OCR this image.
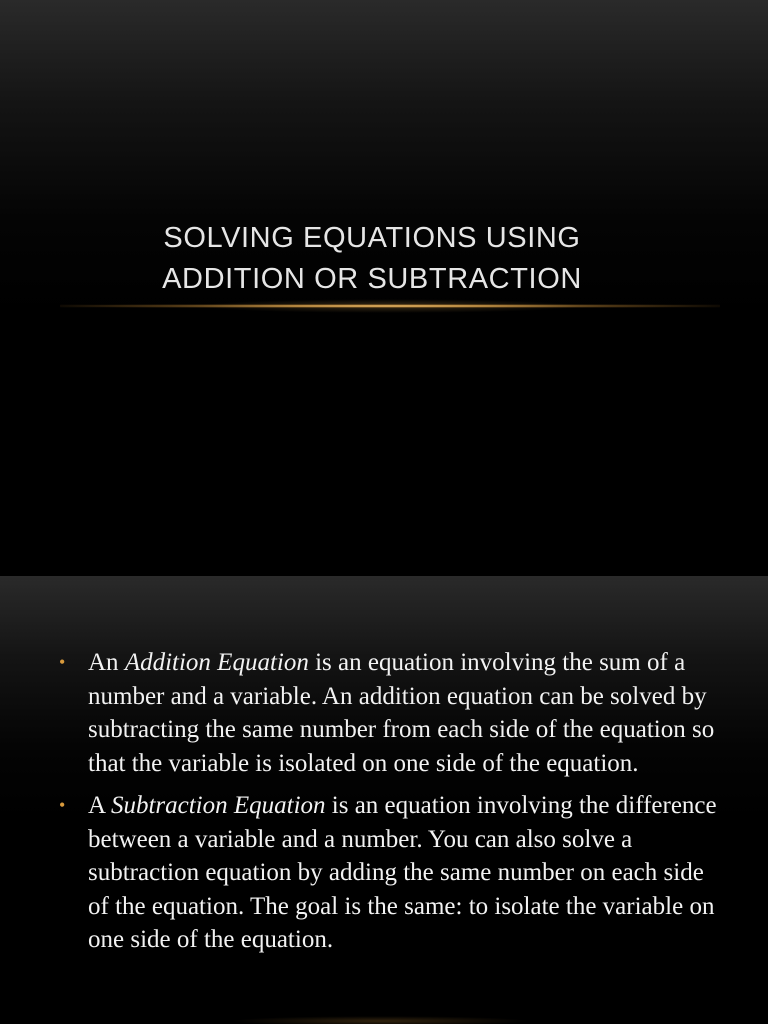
SOLVING EQUATIONS USING
ADDITION OR SUBTRACTION
• An Addition Equation is an equation involving the sum of a number and a variable. An addition equation can be solved by subtracting the same number from each side of the equation so that the variable is isolated on one side of the equation.
• A Subtraction Equation is an equation involving the difference between a variable and a number. You can also solve a subtraction equation by adding the same number on each side of the equation. The goal is the same: to isolate the variable on one side of the equation.
